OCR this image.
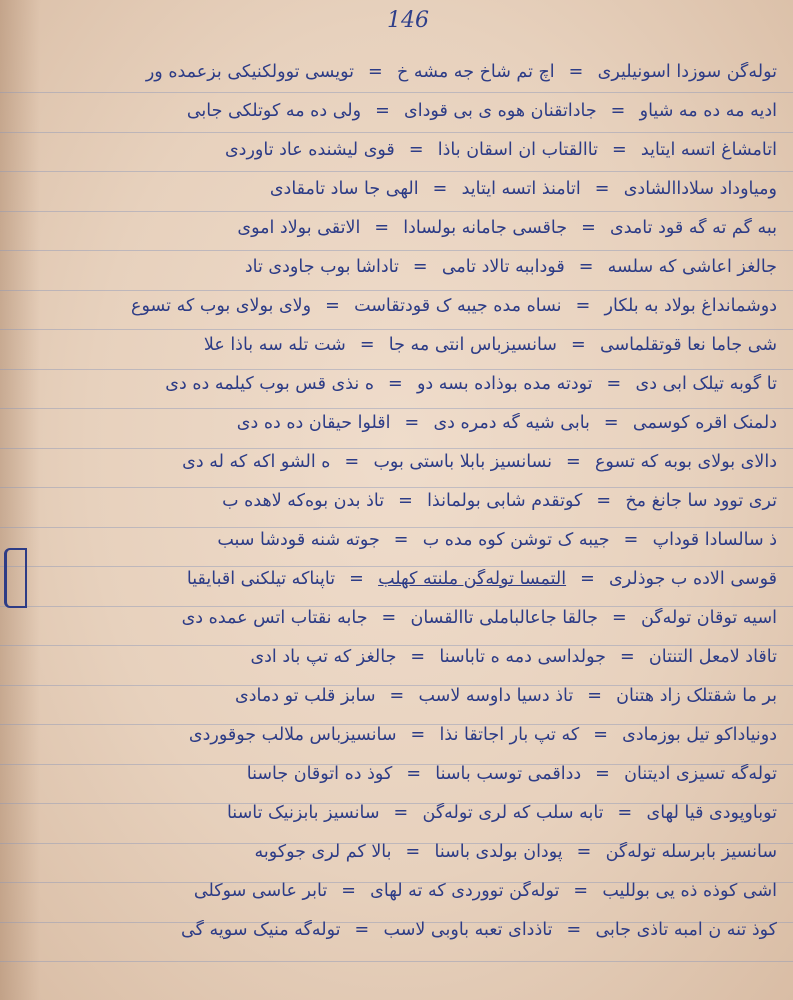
146
توله‌گن سوزدا اسونیلیری=اچ تم شاخ جه مشه خ=تویسی توولکنیکی بزعمده ور
ادیه مه ده مه شیاو=جاداتقنان هوه ی بی قودای=ولی ده مه کوتلکی جابی
اتامشاغ اتسه ایتاید=تاالقتاب ان اسقان باذا=قوی لیشنده عاد تاوردی
ومیاوداد سلاداالشادی=اتامنذ اتسه ایتاید=الهی جا ساد تامقادی
ببه گم ته گه قود تامدی=جاقسی جامانه بولسادا=الاتقی بولاد اموی
جالغز اعاشی که سلسه=قوداببه تالاد تامی=تاداشا بوب جاودی تاد
دوشمانداغ بولاد به بلکار=نساه مده جیبه ک قودتقاست=ولای بولای بوب که تسوع
شی جاما نعا قوتقلماسی=سانسیزباس انتی مه جا=شت تله سه باذا علا
تا گوبه تیلک ابی دی=تودته مده بوذاده بسه دو=ه نذی قس بوب کیلمه ده دی
دلمنک اقره کوسمی=بابی شیه گه دمره دی=اقلوا حیقان ده ده دی
دالای بولای بوبه که تسوع=نسانسیز بابلا باستی بوب=ه الشو اکه که له دی
تری توود سا جانغ مخ=کوتقدم شابی بولمانذا=تاذ بدن بوه‌که لاهده ب
ذ سالسادا قوداپ=جیبه ک توشن کوه مده ب=جوته شنه قودشا سبب
قوسی الاده ب جوذلری=التمسا توله‌گن ملنته کهلب=تاپناکه تیلکنی اقبایقیا
اسیه توقان توله‌گن=جالقا جاعالباملی تاالقسان=جابه نقتاب اتس عمده دی
تاقاد لامعل التنتان=جولداسی دمه ه تاباسنا=جالغز که تپ باد ادی
بر ما شقتلک زاد هتنان=تاذ دسیا داوسه لاسب=سابز قلب تو دمادی
دونیاداکو تیل بوزمادی=که تپ بار اجاتقا نذا=سانسیزباس ملالب جوقوردی
توله‌گه تسیزی ادیتنان=دداقمی توسب باسنا=کوذ ده اتوقان جاسنا
توباوپودی قیا لهای=تابه سلب که لری توله‌گن=سانسیز بابزنیک تاسنا
سانسیز بابرسله توله‌گن=پودان بولدی باسنا=بالا کم لری جوکوبه
اشی کوذه ذه یی بوللیب=توله‌گن تووردی که ته لهای=تابر عاسی سوکلی
کوذ تنه ن امبه تاذی جابی=تاذدای تعبه باوبی لاسب=توله‌گه منیک سویه گی
